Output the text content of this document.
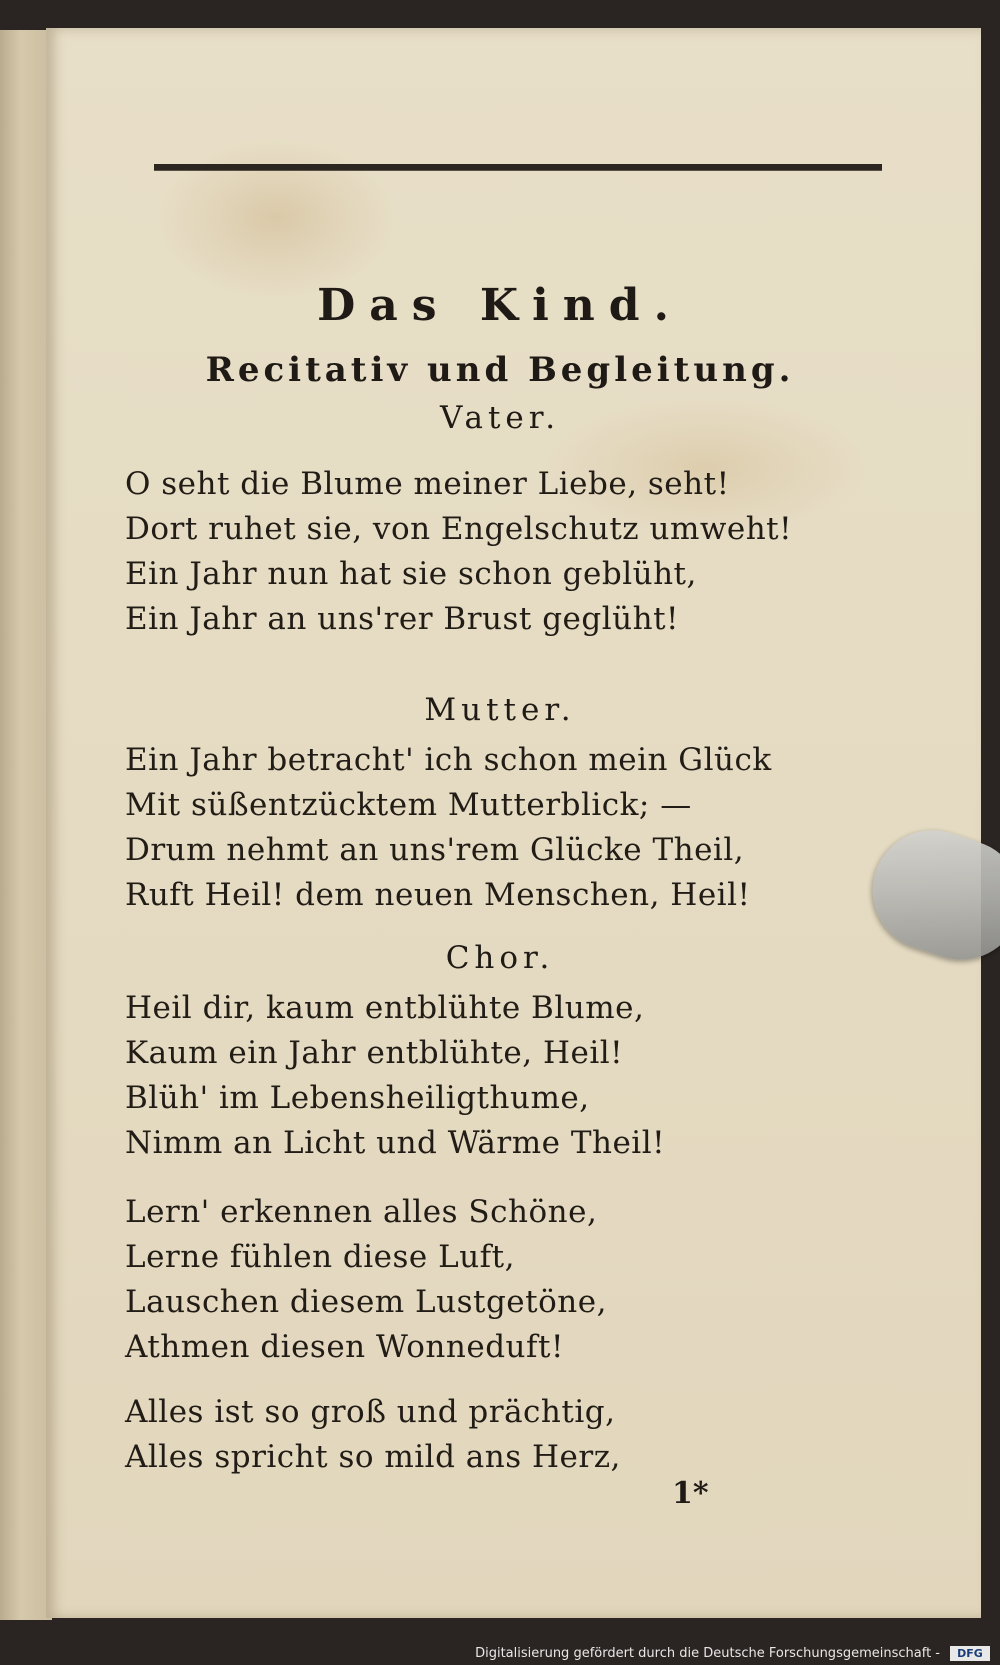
Das Kind.
Recitativ und Begleitung.

Vater.

O seht die Blume meiner Liebe, seht!
Dort ruhet sie, von Engelschutz umweht!
Ein Jahr nun hat sie schon geblüht,
Ein Jahr an uns'rer Brust geglüht!

Mutter.

Ein Jahr betracht' ich schon mein Glück
Mit süßentzücktem Mutterblick; —
Drum nehmt an uns'rem Glücke Theil,
Ruft Heil! dem neuen Menschen, Heil!

Chor.

Heil dir, kaum entblühte Blume,
Kaum ein Jahr entblühte, Heil!
Blüh' im Lebensheiligthume,
Nimm an Licht und Wärme Theil!
Lern' erkennen alles Schöne,
Lerne fühlen diese Luft,
Lauschen diesem Lustgetöne,
Athmen diesen Wonneduft!
Alles ist so groß und prächtig,
Alles spricht so mild ans Herz,
1*
Digitalisierung gefördert durch die Deutsche Forschungsgemeinschaft -	DFG
